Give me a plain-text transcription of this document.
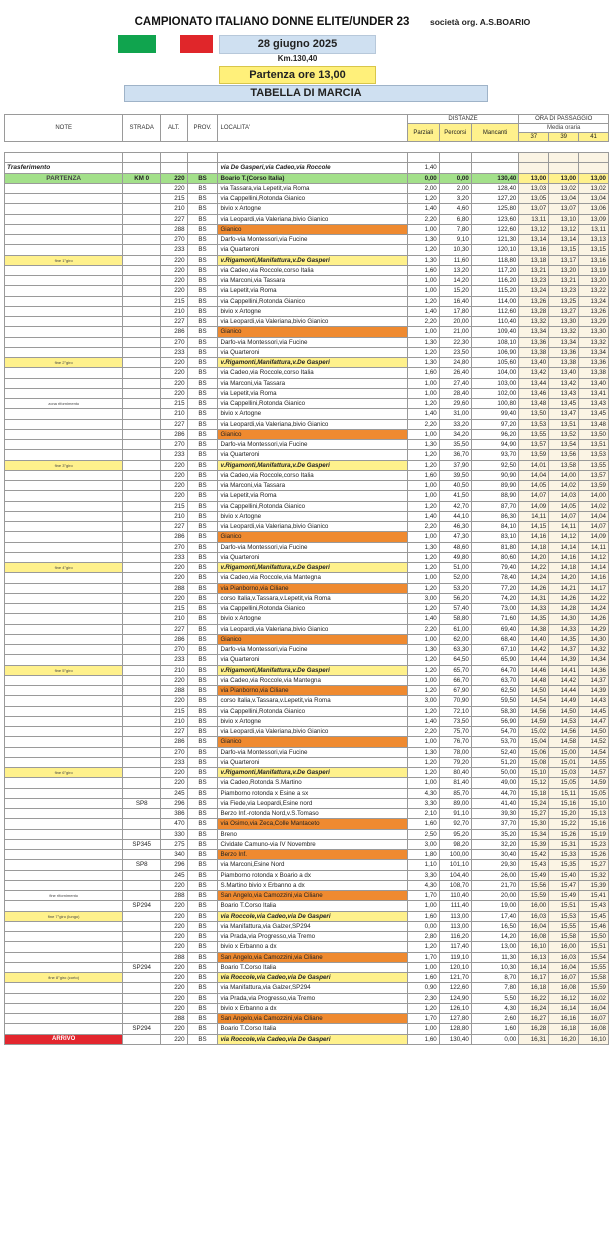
CAMPIONATO ITALIANO DONNE ELITE/UNDER 23	società org. A.S.BOARIO
28 giugno 2025
Km.130,40
Partenza ore 13,00
TABELLA DI MARCIA
NOTE	STRADA	ALT.	PROV.	LOCALITA'	DISTANZE			ORA DI PASSAGGIO		
					Parziali	Percorsi	Mancanti	Media oraria		
								37	39	41

Trasferimento				via De Gasperi,via Cadeo,via Roccole	1,40					
PARTENZA	KM 0	220	BS	Boario T.(Corso Italia)	0,00	0,00	130,40	13,00	13,00	13,00
		220	BS	via Tassara,via Lepetit,via Roma	2,00	2,00	128,40	13,03	13,02	13,02
		215	BS	via Cappellini,Rotonda Gianico	1,20	3,20	127,20	13,05	13,04	13,04
		210	BS	bivio x Artogne	1,40	4,60	125,80	13,07	13,07	13,06
		227	BS	via Leopardi,via Valeriana,bivio Gianico	2,20	6,80	123,60	13,11	13,10	13,09
		288	BS	Gianico	1,00	7,80	122,60	13,12	13,12	13,11
		270	BS	Darfo-via Montessori,via Fucine	1,30	9,10	121,30	13,14	13,14	13,13
		233	BS	via Quarteroni	1,20	10,30	120,10	13,16	13,15	13,15
fine 1°giro		220	BS	v.Rigamonti,Manifattura,v.De Gasperi	1,30	11,60	118,80	13,18	13,17	13,16
		220	BS	via Cadeo,via Roccole,corso Italia	1,60	13,20	117,20	13,21	13,20	13,19
		220	BS	via Marconi,via Tassara	1,00	14,20	116,20	13,23	13,21	13,20
		220	BS	via Lepetit,via Roma	1,00	15,20	115,20	13,24	13,23	13,22
		215	BS	via Cappellini,Rotonda Gianico	1,20	16,40	114,00	13,26	13,25	13,24
		210	BS	bivio x Artogne	1,40	17,80	112,60	13,28	13,27	13,26
		227	BS	via Leopardi,via Valeriana,bivio Gianico	2,20	20,00	110,40	13,32	13,30	13,29
		286	BS	Gianico	1,00	21,00	109,40	13,34	13,32	13,30
		270	BS	Darfo-via Montessori,via Fucine	1,30	22,30	108,10	13,36	13,34	13,32
		233	BS	via Quarteroni	1,20	23,50	106,90	13,38	13,36	13,34
fine 2°giro		220	BS	v.Rigamonti,Manifattura,v.De Gasperi	1,30	24,80	105,60	13,40	13,38	13,36
		220	BS	via Cadeo,via Roccole,corso Italia	1,60	26,40	104,00	13,42	13,40	13,38
		220	BS	via Marconi,via Tassara	1,00	27,40	103,00	13,44	13,42	13,40
		220	BS	via Lepetit,via Roma	1,00	28,40	102,00	13,46	13,43	13,41
zona rifornimento		215	BS	via Cappellini,Rotonda Gianico	1,20	29,60	100,80	13,48	13,45	13,43
		210	BS	bivio x Artogne	1,40	31,00	99,40	13,50	13,47	13,45
		227	BS	via Leopardi,via Valeriana,bivio Gianico	2,20	33,20	97,20	13,53	13,51	13,48
		286	BS	Gianico	1,00	34,20	96,20	13,55	13,52	13,50
		270	BS	Darfo-via Montessori,via Fucine	1,30	35,50	94,90	13,57	13,54	13,51
		233	BS	via Quarteroni	1,20	36,70	93,70	13,59	13,56	13,53
fine 3°giro		220	BS	v.Rigamonti,Manifattura,v.De Gasperi	1,20	37,90	92,50	14,01	13,58	13,55
		220	BS	via Cadeo,via Roccole,corso Italia	1,60	39,50	90,90	14,04	14,00	13,57
		220	BS	via Marconi,via Tassara	1,00	40,50	89,90	14,05	14,02	13,59
		220	BS	via Lepetit,via Roma	1,00	41,50	88,90	14,07	14,03	14,00
		215	BS	via Cappellini,Rotonda Gianico	1,20	42,70	87,70	14,09	14,05	14,02
		210	BS	bivio x Artogne	1,40	44,10	86,30	14,11	14,07	14,04
		227	BS	via Leopardi,via Valeriana,bivio Gianico	2,20	46,30	84,10	14,15	14,11	14,07
		286	BS	Gianico	1,00	47,30	83,10	14,16	14,12	14,09
		270	BS	Darfo-via Montessori,via Fucine	1,30	48,60	81,80	14,18	14,14	14,11
		233	BS	via Quarteroni	1,20	49,80	80,60	14,20	14,16	14,12
fine 4°giro		220	BS	v.Rigamonti,Manifattura,v.De Gasperi	1,20	51,00	79,40	14,22	14,18	14,14
		220	BS	via Cadeo,via Roccole,via Mantegna	1,00	52,00	78,40	14,24	14,20	14,16
		288	BS	via Pianborno,via Ciliane	1,20	53,20	77,20	14,26	14,21	14,17
		220	BS	corso Italia,v.Tassara,v.Lepetit,via Roma	3,00	56,20	74,20	14,31	14,26	14,22
		215	BS	via Cappellini,Rotonda Gianico	1,20	57,40	73,00	14,33	14,28	14,24
		210	BS	bivio x Artogne	1,40	58,80	71,60	14,35	14,30	14,26
		227	BS	via Leopardi,via Valeriana,bivio Gianico	2,20	61,00	69,40	14,38	14,33	14,29
		286	BS	Gianico	1,00	62,00	68,40	14,40	14,35	14,30
		270	BS	Darfo-via Montessori,via Fucine	1,30	63,30	67,10	14,42	14,37	14,32
		233	BS	via Quarteroni	1,20	64,50	65,90	14,44	14,39	14,34
fine 5°giro		210	BS	v.Rigamonti,Manifattura,v.De Gasperi	1,20	65,70	64,70	14,46	14,41	14,36
		220	BS	via Cadeo,via Roccole,via Mantegna	1,00	66,70	63,70	14,48	14,42	14,37
		288	BS	via Pianborno,via Ciliane	1,20	67,90	62,50	14,50	14,44	14,39
		220	BS	corso Italia,v.Tassara,v.Lepetit,via Roma	3,00	70,90	59,50	14,54	14,49	14,43
		215	BS	via Cappellini,Rotonda Gianico	1,20	72,10	58,30	14,56	14,50	14,45
		210	BS	bivio x Artogne	1,40	73,50	56,90	14,59	14,53	14,47
		227	BS	via Leopardi,via Valeriana,bivio Gianico	2,20	75,70	54,70	15,02	14,56	14,50
		286	BS	Gianico	1,00	76,70	53,70	15,04	14,58	14,52
		270	BS	Darfo-via Montessori,via Fucine	1,30	78,00	52,40	15,06	15,00	14,54
		233	BS	via Quarteroni	1,20	79,20	51,20	15,08	15,01	14,55
fine 6°giro		220	BS	v.Rigamonti,Manifattura,v.De Gasperi	1,20	80,40	50,00	15,10	15,03	14,57
		220	BS	via Cadeo,Rotonda S.Martino	1,00	81,40	49,00	15,12	15,05	14,59
		245	BS	Piamborno rotonda x Esine a sx	4,30	85,70	44,70	15,18	15,11	15,05
	SP8	296	BS	via Fiede,via Leopardi,Esine nord	3,30	89,00	41,40	15,24	15,16	15,10
		386	BS	Berzo Inf.-rotonda Nord,v.S.Tomaso	2,10	91,10	39,30	15,27	15,20	15,13
		470	BS	via Osimo,via Zeca,Colle Mantaceto	1,60	92,70	37,70	15,30	15,22	15,16
		330	BS	Breno	2,50	95,20	35,20	15,34	15,26	15,19
	SP345	275	BS	Cividate Camuno-via IV Novembre	3,00	98,20	32,20	15,39	15,31	15,23
		340	BS	Berzo Inf.	1,80	100,00	30,40	15,42	15,33	15,26
	SP8	296	BS	via Marconi,Esine Nord	1,10	101,10	29,30	15,43	15,35	15,27
		245	BS	Piamborno rotonda x Boario a dx	3,30	104,40	26,00	15,49	15,40	15,32
		220	BS	S.Martino bivio x Erbanno a dx	4,30	108,70	21,70	15,56	15,47	15,39
fine rifornimento		288	BS	San Angelo,via Camozzini,via Ciliane	1,70	110,40	20,00	15,59	15,49	15,41
	SP294	220	BS	Boario T.Corso Italia	1,00	111,40	19,00	16,00	15,51	15,43
fine 7°giro (lungo)		220	BS	via Roccole,via Cadeo,via De Gasperi	1,60	113,00	17,40	16,03	15,53	15,45
		220	BS	via Manifattura,via Galzer,SP294	0,00	113,00	16,50	16,04	15,55	15,46
		220	BS	via Prada,via Progresso,via Tremo	2,80	116,20	14,20	16,08	15,58	15,50
		220	BS	bivio x Erbanno a dx	1,20	117,40	13,00	16,10	16,00	15,51
		288	BS	San Angelo,via Camozzini,via Ciliane	1,70	119,10	11,30	16,13	16,03	15,54
	SP294	220	BS	Boario T.Corso Italia	1,00	120,10	10,30	16,14	16,04	15,55
fine 8°giro (corto)		220	BS	via Roccole,via Cadeo,via De Gasperi	1,60	121,70	8,70	16,17	16,07	15,58
		220	BS	via Manifattura,via Galzer,SP294	0,90	122,60	7,80	16,18	16,08	15,59
		220	BS	via Prada,via Progresso,via Tremo	2,30	124,90	5,50	16,22	16,12	16,02
		220	BS	bivio x Erbanno a dx	1,20	126,10	4,30	16,24	16,14	16,04
		288	BS	San Angelo,via Camozzini,via Ciliane	1,70	127,80	2,60	16,27	16,16	16,07
	SP294	220	BS	Boario T.Corso Italia	1,00	128,80	1,60	16,28	16,18	16,08
ARRIVO		220	BS	via Roccole,via Cadeo,via De Gasperi	1,60	130,40	0,00	16,31	16,20	16,10
